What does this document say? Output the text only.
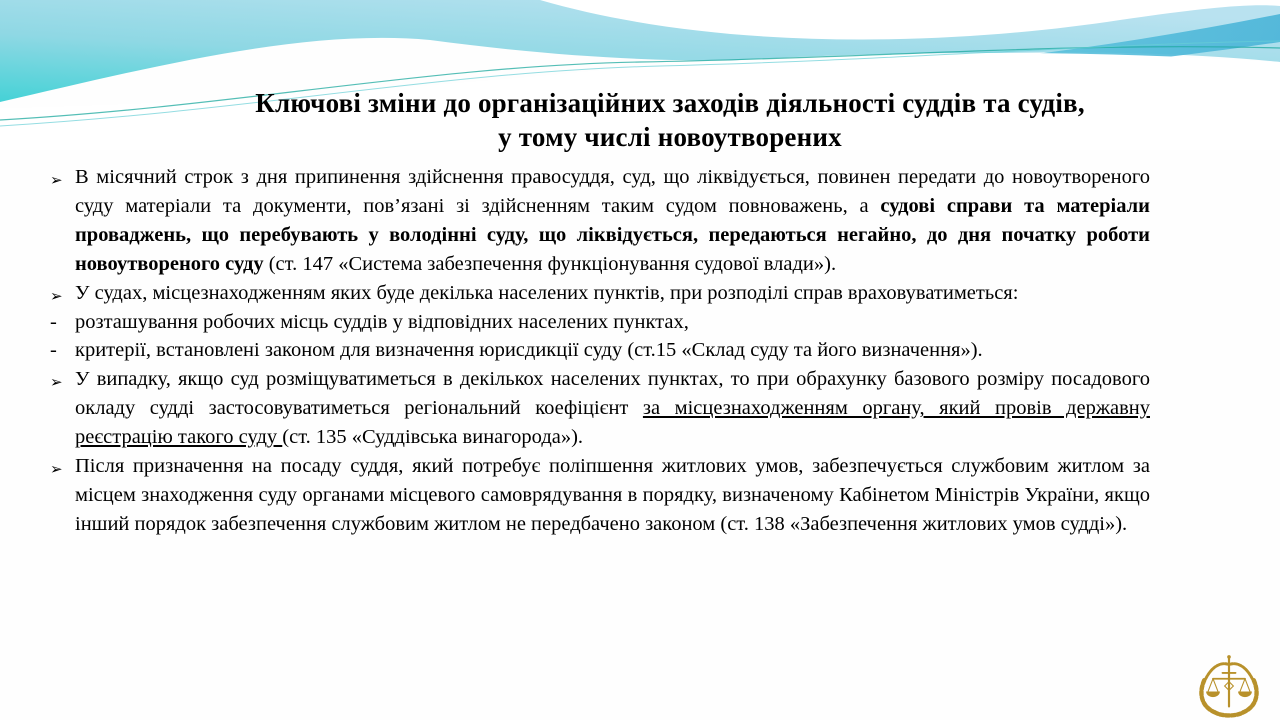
Ключові зміни до організаційних заходів діяльності суддів та судів,
у тому числі новоутворених
➢ В місячний строк з дня припинення здійснення правосуддя, суд, що ліквідується, повинен передати до новоутвореного суду матеріали та документи, пов’язані зі здійсненням таким судом повноважень, а судові справи та матеріали проваджень, що перебувають у володінні суду, що ліквідується, передаються негайно, до дня початку роботи новоутвореного суду (ст. 147 «Система забезпечення функціонування судової влади»).
➢ У судах, місцезнаходженням яких буде декілька населених пунктів, при розподілі справ враховуватиметься:
- розташування робочих місць суддів у відповідних населених пунктах,
- критерії, встановлені законом для визначення юрисдикції суду (ст.15 «Склад суду та його визначення»).
➢ У випадку, якщо суд розміщуватиметься в декількох населених пунктах, то при обрахунку базового розміру посадового окладу судді застосовуватиметься регіональний коефіцієнт за місцезнаходженням органу, який провів державну реєстрацію такого суду (ст. 135 «Суддівська винагорода»).
➢ Після призначення на посаду суддя, який потребує поліпшення житлових умов, забезпечується службовим житлом за місцем знаходження суду органами місцевого самоврядування в порядку, визначеному Кабінетом Міністрів України, якщо інший порядок забезпечення службовим житлом не передбачено законом (ст. 138 «Забезпечення житлових умов судді»).
